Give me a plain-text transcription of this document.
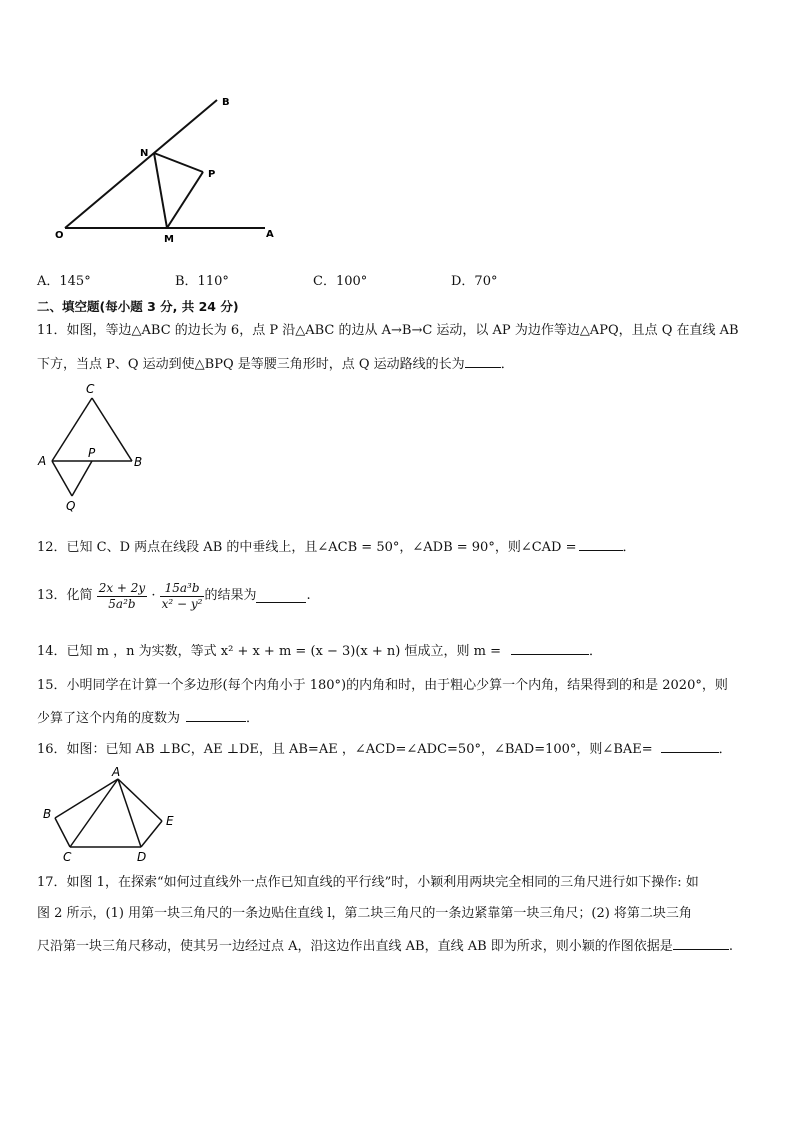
B
N
P
O	M	A
A．145°	B．110°	C．100°	D．70°
二、填空题(每小题 3 分, 共 24 分)
11．如图，等边△ABC 的边长为 6，点 P 沿△ABC 的边从 A→B→C 运动，以 AP 为边作等边△APQ，且点 Q 在直线 AB
下方，当点 P、Q 运动到使△BPQ 是等腰三角形时，点 Q 运动路线的长为	．
C
A
P
B
Q
12．已知 C、D 两点在线段 AB 的中垂线上，且∠ACB = 50°，∠ADB = 90°，则∠CAD =	．
13．化简 $\frac{2x + 2y}{\text{5a²b}} \cdot \frac{\text{15a³b}}{\text{x² − y²}}$ 的结果为	.
14．已知 m ，n 为实数，等式 x² + x + m = (x − 3)(x + n) 恒成立，则 m =	．
15．小明同学在计算一个多边形(每个内角小于 180°)的内角和时，由于粗心少算一个内角，结果得到的和是 2020°，则
少算了这个内角的度数为	．
16．如图：已知 AB ⊥BC，AE ⊥DE，且 AB=AE ，∠ACD=∠ADC=50°，∠BAD=100°，则∠BAE=	．
A
B
C	D
E
17．如图 1，在探索“如何过直线外一点作已知直线的平行线”时，小颖利用两块完全相同的三角尺进行如下操作: 如
图 2 所示，(1) 用第一块三角尺的一条边贴住直线 l，第二块三角尺的一条边紧靠第一块三角尺；(2) 将第二块三角
尺沿第一块三角尺移动，使其另一边经过点 A，沿这边作出直线 AB，直线 AB 即为所求，则小颖的作图依据是	.
